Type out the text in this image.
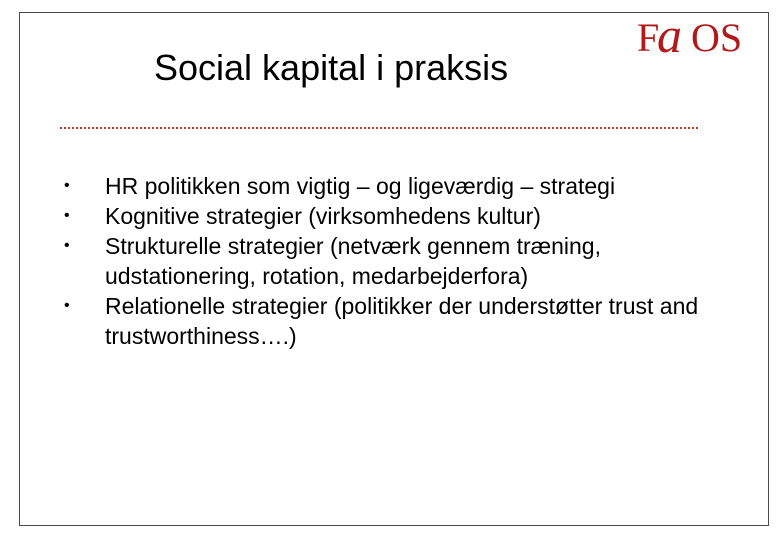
Social kapital i praksis
F
a OS
• HR politikken som vigtig – og ligeværdig – strategi
• Kognitive strategier (virksomhedens kultur)
• Strukturelle strategier (netværk gennem træning, udstationering, rotation, medarbejderfora)
• Relationelle strategier (politikker der understøtter trust and trustworthiness….)
